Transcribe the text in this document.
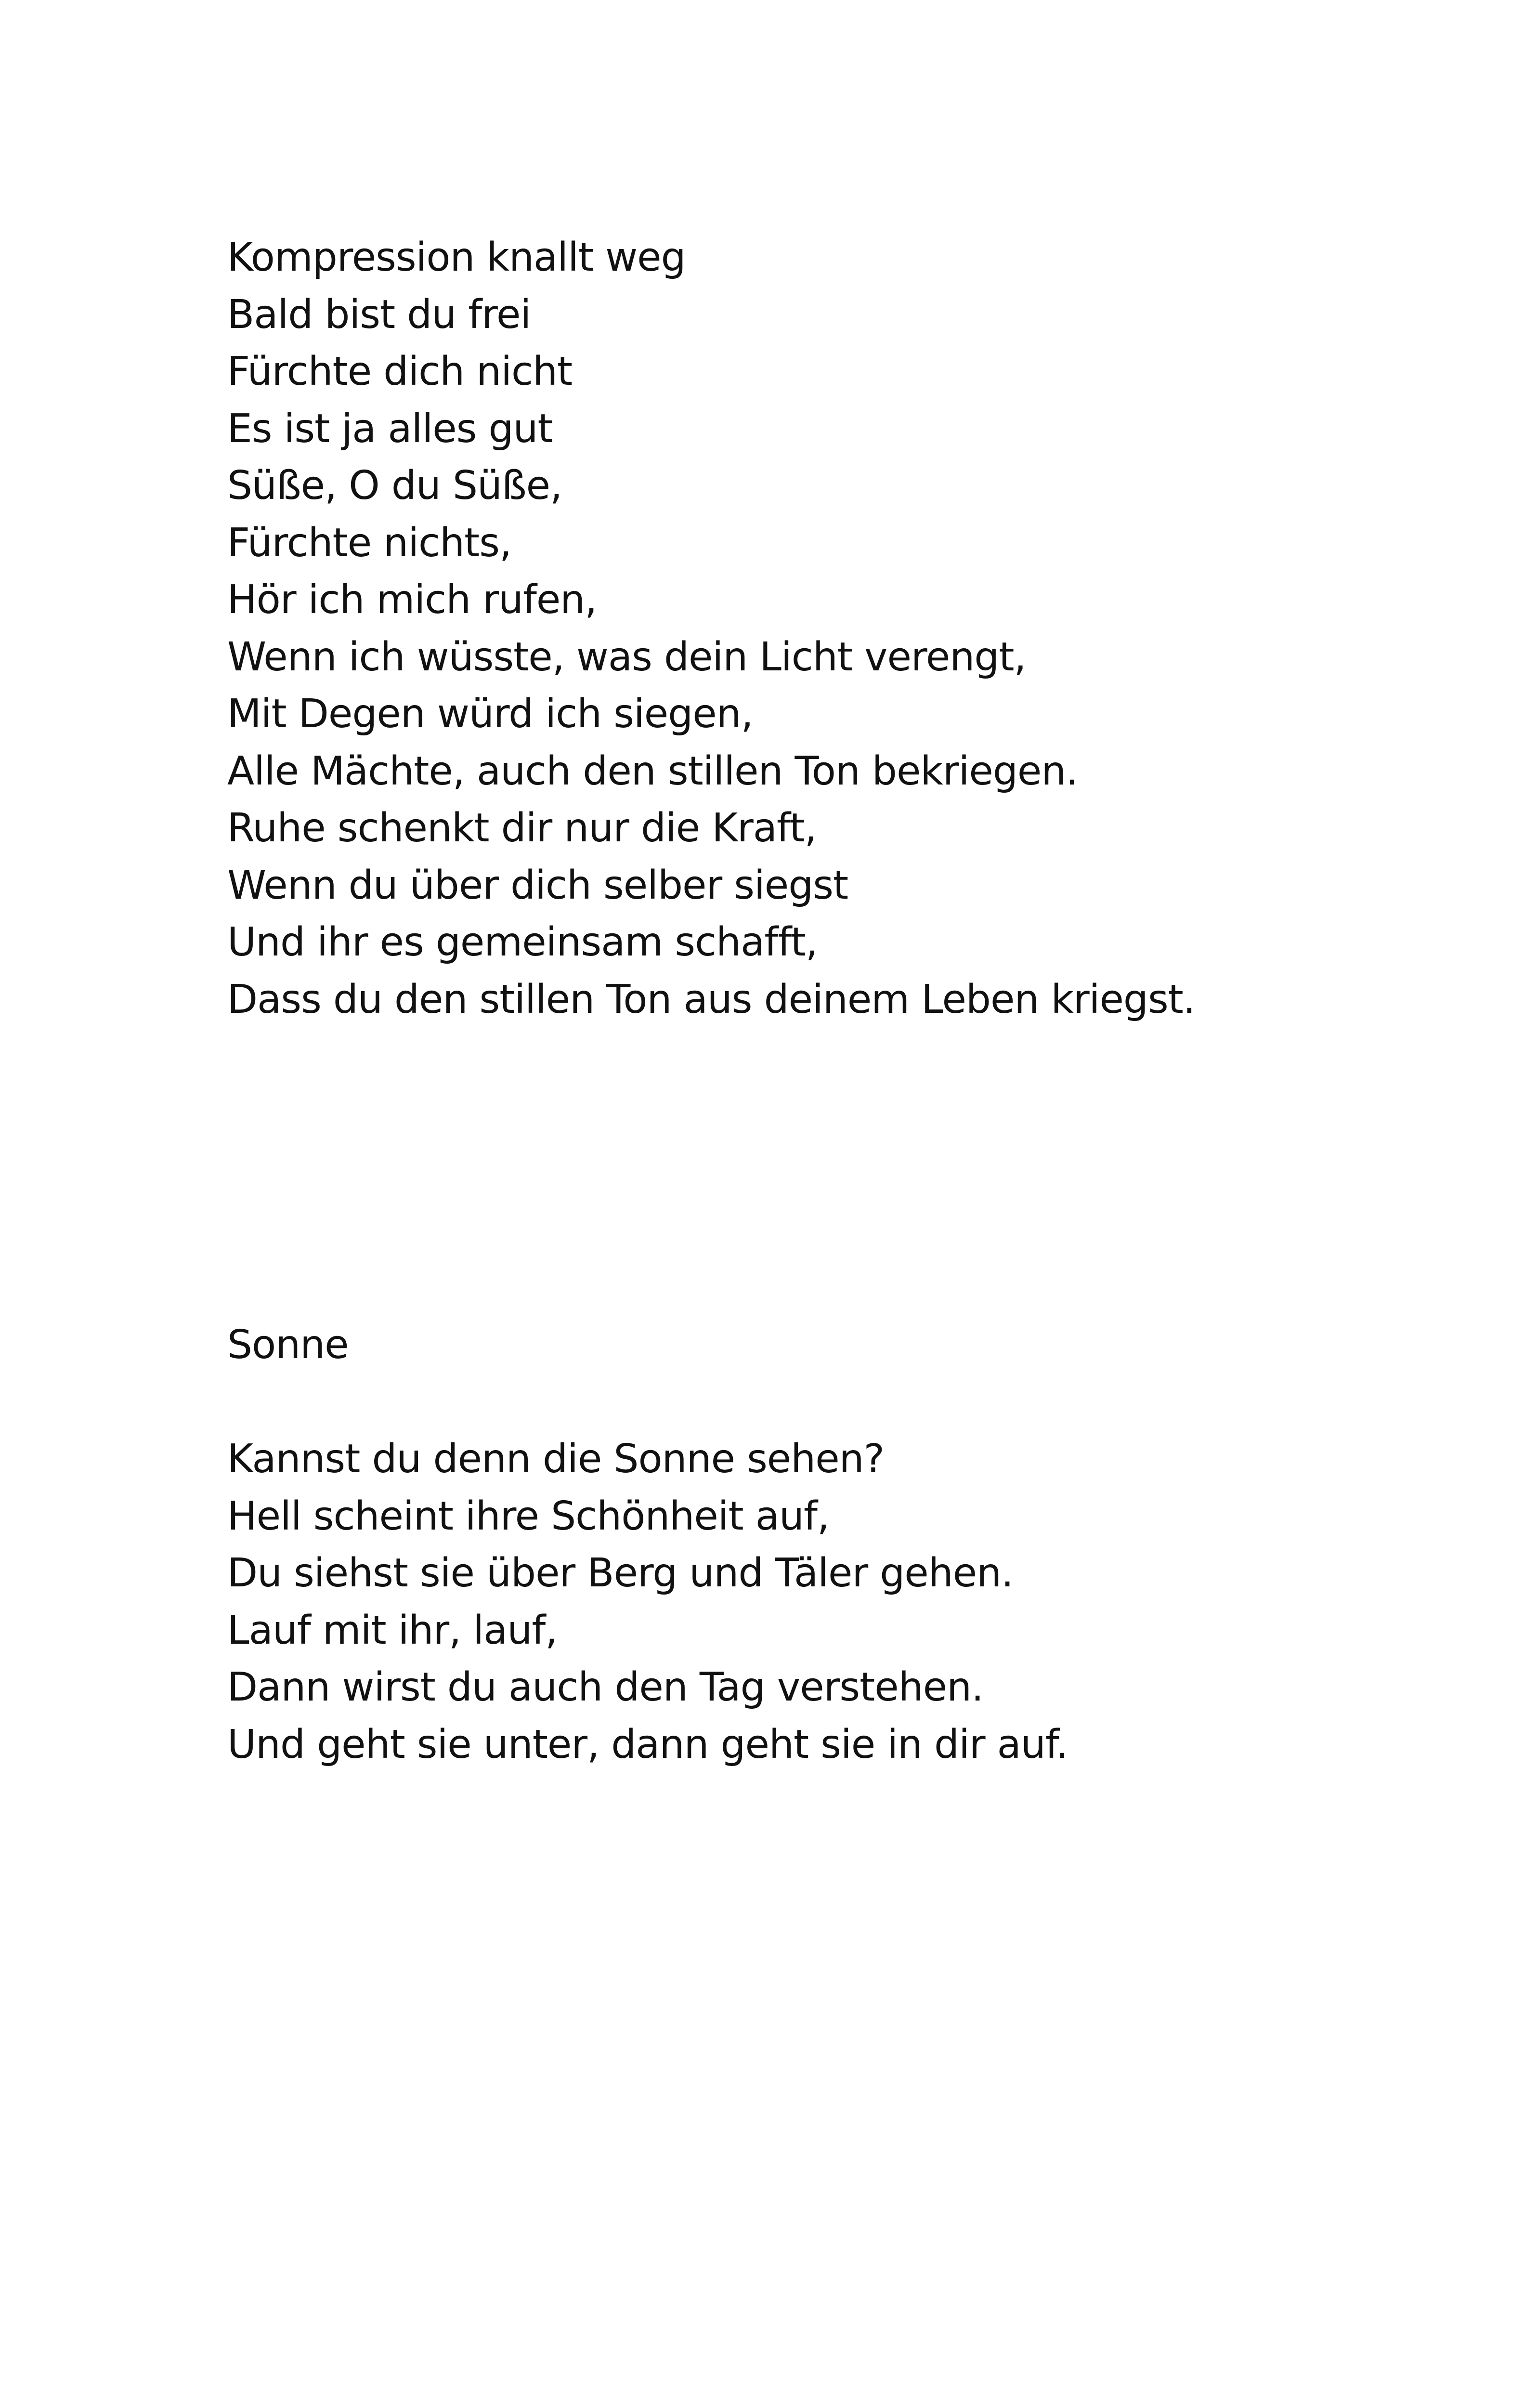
Kompression knallt weg
Bald bist du frei
Fürchte dich nicht
Es ist ja alles gut
Süße, O du Süße,
Fürchte nichts,
Hör ich mich rufen,
Wenn ich wüsste, was dein Licht verengt,
Mit Degen würd ich siegen,
Alle Mächte, auch den stillen Ton bekriegen.
Ruhe schenkt dir nur die Kraft,
Wenn du über dich selber siegst
Und ihr es gemeinsam schafft,
Dass du den stillen Ton aus deinem Leben kriegst.
Sonne
Kannst du denn die Sonne sehen?
Hell scheint ihre Schönheit auf,
Du siehst sie über Berg und Täler gehen.
Lauf mit ihr, lauf,
Dann wirst du auch den Tag verstehen.
Und geht sie unter, dann geht sie in dir auf.
